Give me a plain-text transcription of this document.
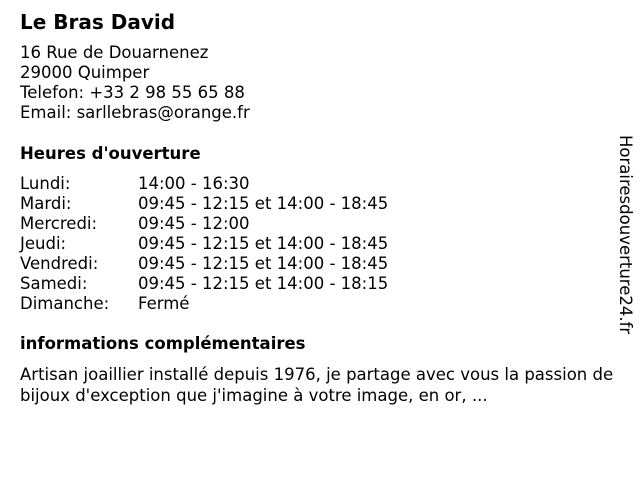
Le Bras David
16 Rue de Douarnenez
29000 Quimper
Telefon: +33 2 98 55 65 88
Email: sarllebras@orange.fr
Heures d'ouverture
Lundi:	14:00 - 16:30
Mardi:	09:45 - 12:15 et 14:00 - 18:45
Mercredi: 09:45 - 12:00
Jeudi:	09:45 - 12:15 et 14:00 - 18:45
Vendredi: 09:45 - 12:15 et 14:00 - 18:45
Samedi:	09:45 - 12:15 et 14:00 - 18:15
Dimanche: Fermé
informations complémentaires
Artisan joaillier installé depuis 1976, je partage avec vous la passion de bijoux d'exception que j'imagine à votre image, en or, ...
Horairesdouverture24.fr
